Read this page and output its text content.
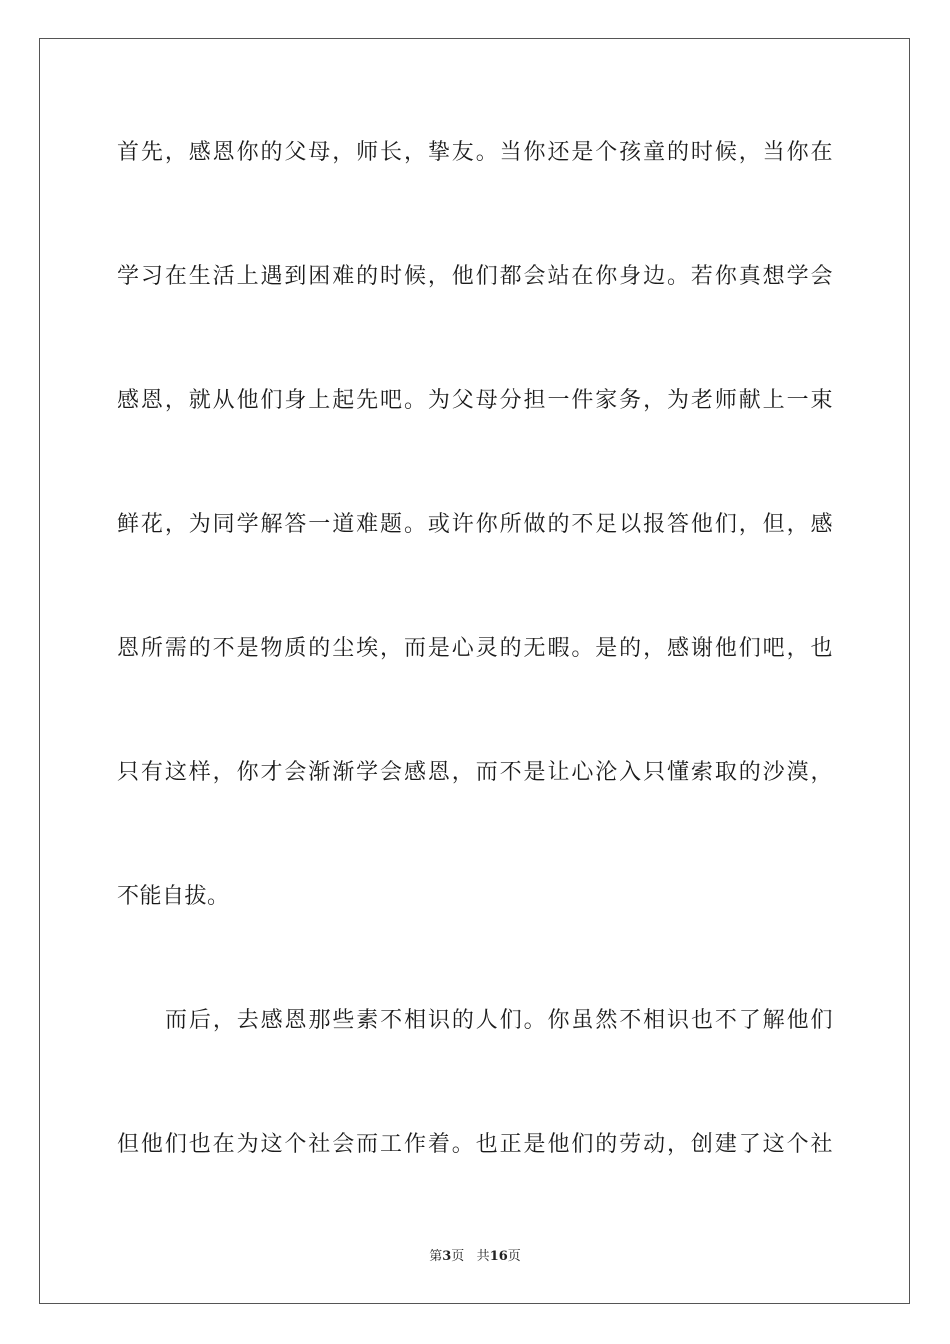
首先，感恩你的父母，师长，挚友。当你还是个孩童的时候，当你在
学习在生活上遇到困难的时候，他们都会站在你身边。若你真想学会
感恩，就从他们身上起先吧。为父母分担一件家务，为老师献上一束
鲜花，为同学解答一道难题。或许你所做的不足以报答他们，但，感
恩所需的不是物质的尘埃，而是心灵的无暇。是的，感谢他们吧，也
只有这样，你才会渐渐学会感恩，而不是让心沦入只懂索取的沙漠，
不能自拔。
而后，去感恩那些素不相识的人们。你虽然不相识也不了解他们
但他们也在为这个社会而工作着。也正是他们的劳动，创建了这个社
第3页 共16页
